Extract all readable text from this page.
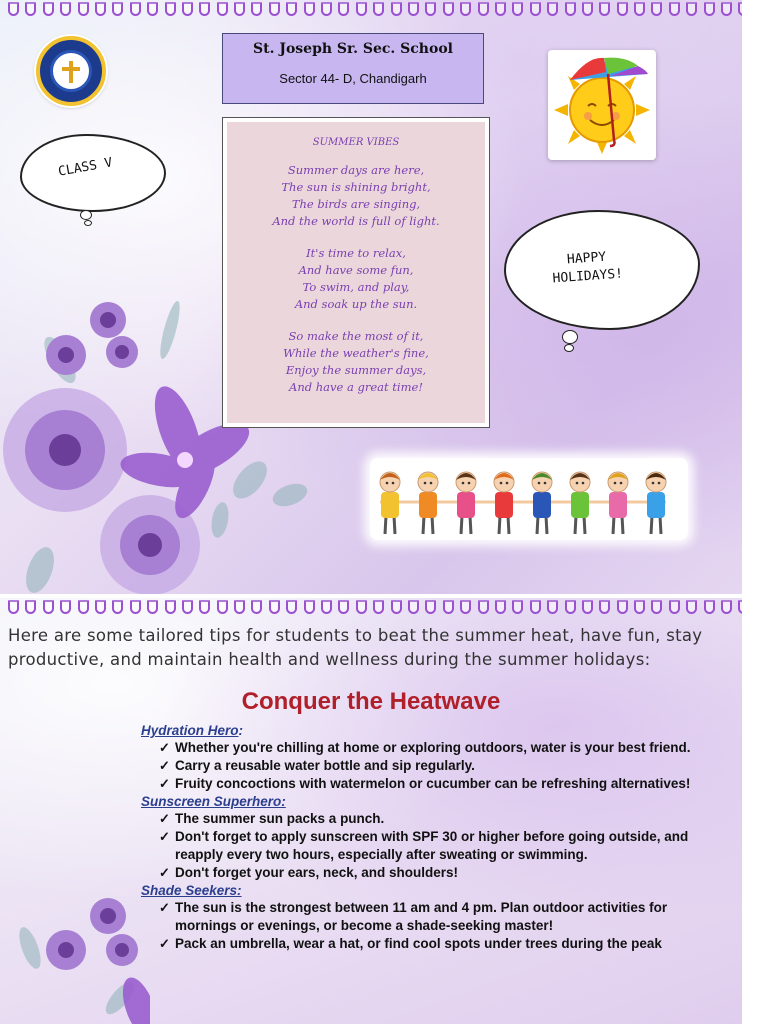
St. Joseph Sr. Sec. School
Sector 44- D, Chandigarh
CLASS V
SUMMER VIBES
Summer days are here,
The sun is shining bright,
The birds are singing,
And the world is full of light.
It's time to relax,
And have some fun,
To swim, and play,
And soak up the sun.
So make the most of it,
While the weather's fine,
Enjoy the summer days,
And have a great time!
HAPPY
HOLIDAYS!
Here are some tailored tips for students to beat the summer heat, have fun, stay productive, and maintain health and wellness during the summer holidays:
Conquer the Heatwave
Hydration Hero:
✓ Whether you're chilling at home or exploring outdoors, water is your best friend.
✓ Carry a reusable water bottle and sip regularly.
✓ Fruity concoctions with watermelon or cucumber can be refreshing alternatives!
Sunscreen Superhero:
✓ The summer sun packs a punch.
✓ Don't forget to apply sunscreen with SPF 30 or higher before going outside, and reapply every two hours, especially after sweating or swimming.
✓ Don't forget your ears, neck, and shoulders!
Shade Seekers:
✓ The sun is the strongest between 11 am and 4 pm. Plan outdoor activities for mornings or evenings, or become a shade-seeking master!
✓ Pack an umbrella, wear a hat, or find cool spots under trees during the peak
